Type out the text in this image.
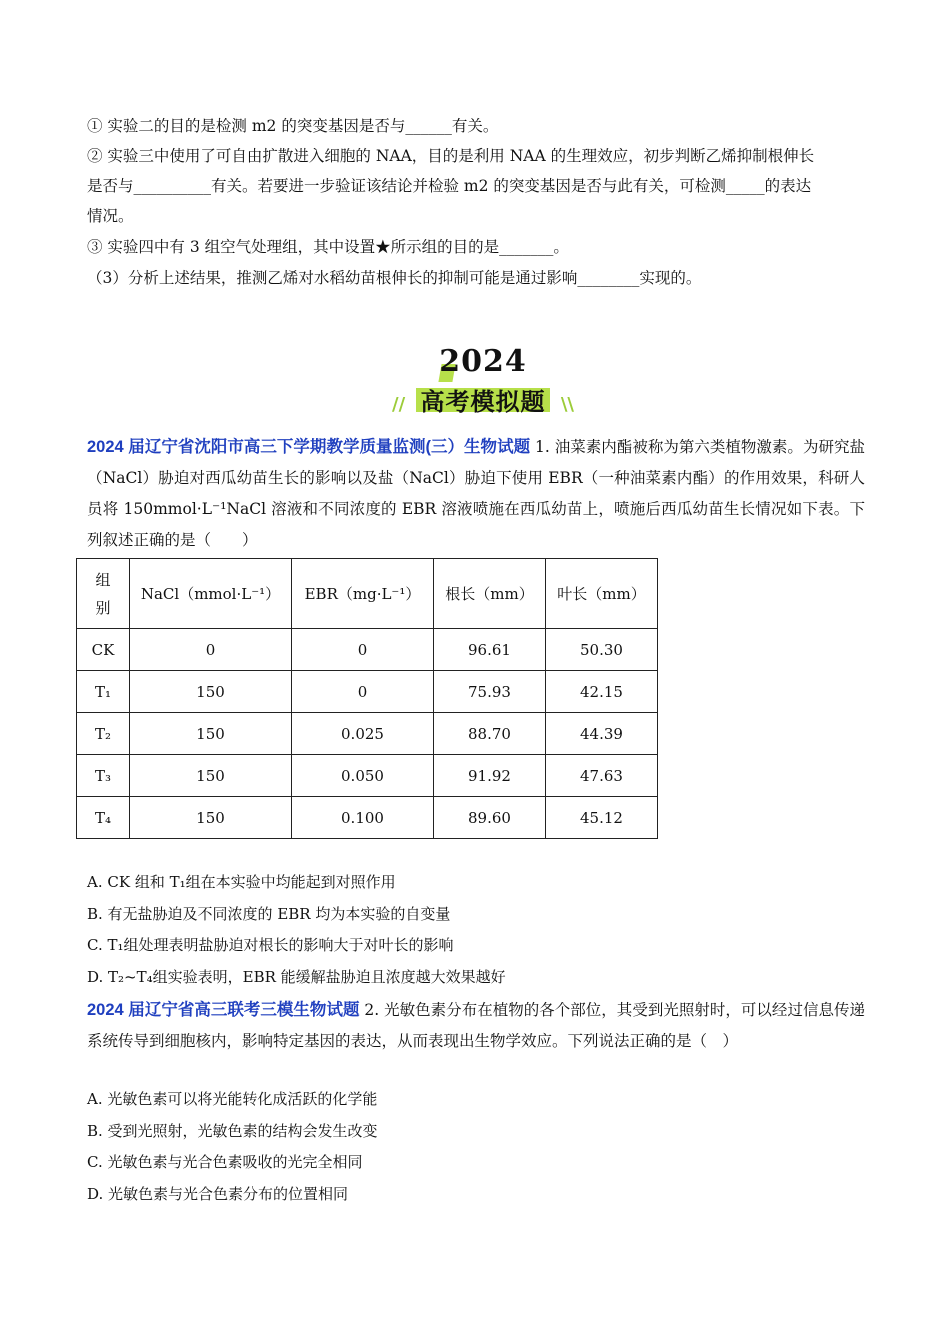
① 实验二的目的是检测 m2 的突变基因是否与______有关。
② 实验三中使用了可自由扩散进入细胞的 NAA，目的是利用 NAA 的生理效应，初步判断乙烯抑制根伸长
是否与__________有关。若要进一步验证该结论并检验 m2 的突变基因是否与此有关，可检测_____的表达
情况。
③ 实验四中有 3 组空气处理组，其中设置★所示组的目的是_______。
（3）分析上述结果，推测乙烯对水稻幼苗根伸长的抑制可能是通过影响________实现的。
2024
//	\\
高考模拟题
2024 届辽宁省沈阳市高三下学期教学质量监测(三）生物试题 1. 油菜素内酯被称为第六类植物激素。为研究盐（NaCl）胁迫对西瓜幼苗生长的影响以及盐（NaCl）胁迫下使用 EBR（一种油菜素内酯）的作用效果，科研人员将 150mmol·L⁻¹NaCl 溶液和不同浓度的 EBR 溶液喷施在西瓜幼苗上，喷施后西瓜幼苗生长情况如下表。下列叙述正确的是（　　）
组
别	NaCl（mmol·L⁻¹）	EBR（mg·L⁻¹）	根长（mm）	叶长（mm）
CK	0	0	96.61	50.30
T₁	150	0	75.93	42.15
T₂	150	0.025	88.70	44.39
T₃	150	0.050	91.92	47.63
T₄	150	0.100	89.60	45.12
A. CK 组和 T₁组在本实验中均能起到对照作用
B. 有无盐胁迫及不同浓度的 EBR 均为本实验的自变量
C. T₁组处理表明盐胁迫对根长的影响大于对叶长的影响
D. T₂~T₄组实验表明，EBR 能缓解盐胁迫且浓度越大效果越好
2024 届辽宁省高三联考三模生物试题 2. 光敏色素分布在植物的各个部位，其受到光照射时，可以经过信息传递系统传导到细胞核内，影响特定基因的表达，从而表现出生物学效应。下列说法正确的是（　）
A. 光敏色素可以将光能转化成活跃的化学能
B. 受到光照射，光敏色素的结构会发生改变
C. 光敏色素与光合色素吸收的光完全相同
D. 光敏色素与光合色素分布的位置相同
